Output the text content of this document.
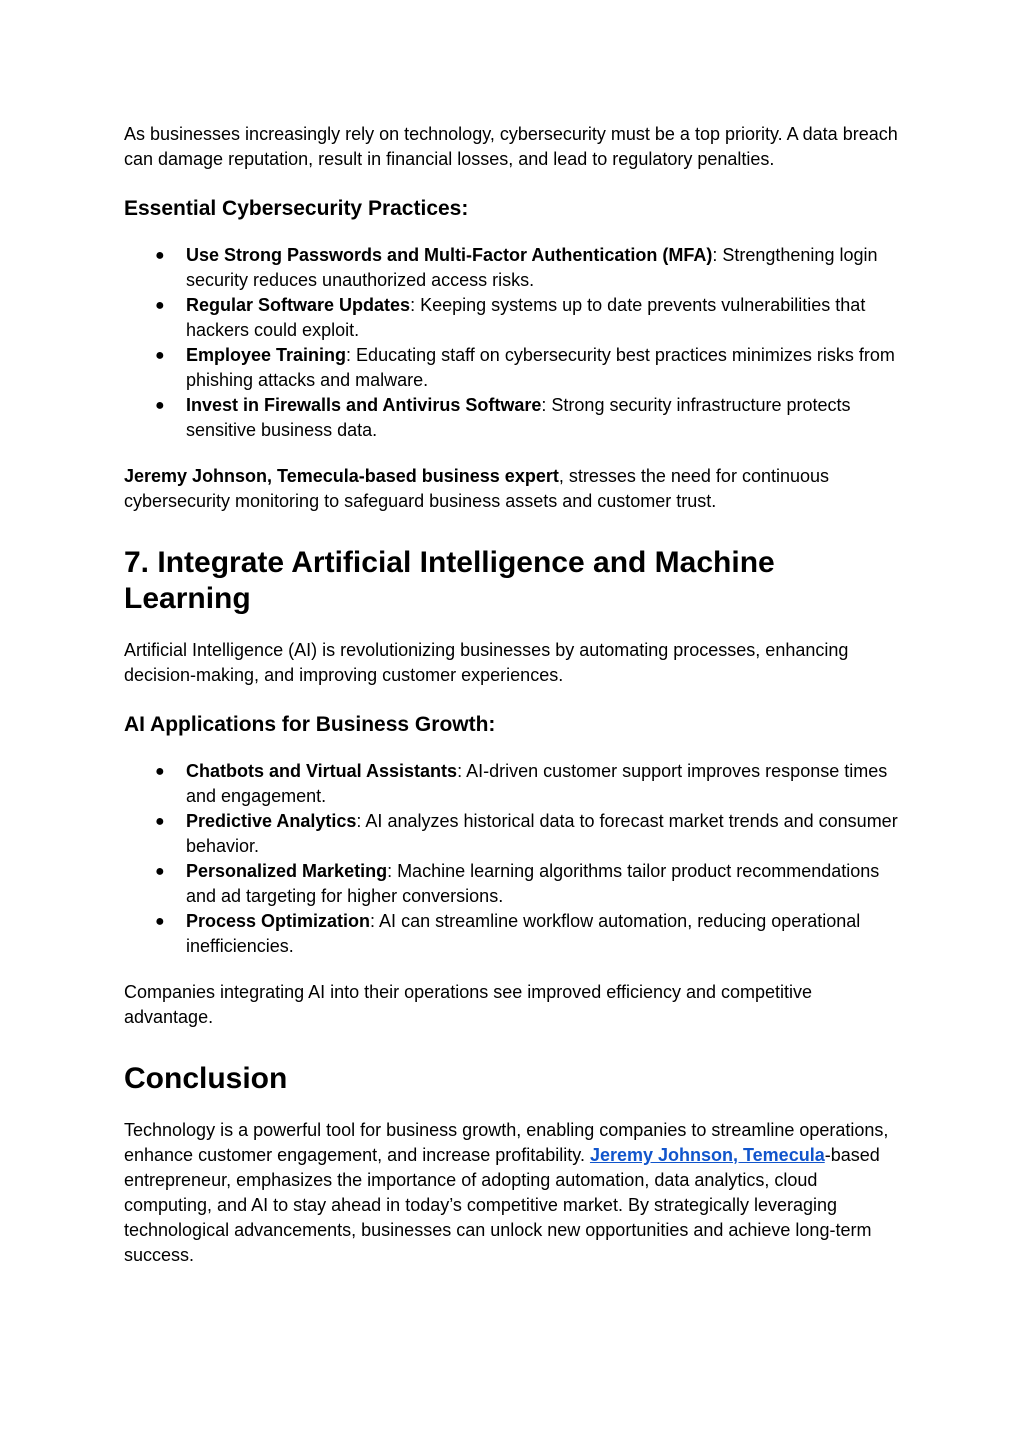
As businesses increasingly rely on technology, cybersecurity must be a top priority. A data breach can damage reputation, result in financial losses, and lead to regulatory penalties.

Essential Cybersecurity Practices:
● Use Strong Passwords and Multi-Factor Authentication (MFA): Strengthening login security reduces unauthorized access risks.
● Regular Software Updates: Keeping systems up to date prevents vulnerabilities that hackers could exploit.
● Employee Training: Educating staff on cybersecurity best practices minimizes risks from phishing attacks and malware.
● Invest in Firewalls and Antivirus Software: Strong security infrastructure protects sensitive business data.

Jeremy Johnson, Temecula-based business expert, stresses the need for continuous cybersecurity monitoring to safeguard business assets and customer trust.

7. Integrate Artificial Intelligence and Machine Learning

Artificial Intelligence (AI) is revolutionizing businesses by automating processes, enhancing decision-making, and improving customer experiences.

AI Applications for Business Growth:
● Chatbots and Virtual Assistants: AI-driven customer support improves response times and engagement.
● Predictive Analytics: AI analyzes historical data to forecast market trends and consumer behavior.
● Personalized Marketing: Machine learning algorithms tailor product recommendations and ad targeting for higher conversions.
● Process Optimization: AI can streamline workflow automation, reducing operational inefficiencies.

Companies integrating AI into their operations see improved efficiency and competitive advantage.

Conclusion

Technology is a powerful tool for business growth, enabling companies to streamline operations, enhance customer engagement, and increase profitability. Jeremy Johnson, Temecula-based entrepreneur, emphasizes the importance of adopting automation, data analytics, cloud computing, and AI to stay ahead in today’s competitive market. By strategically leveraging technological advancements, businesses can unlock new opportunities and achieve long-term success.
